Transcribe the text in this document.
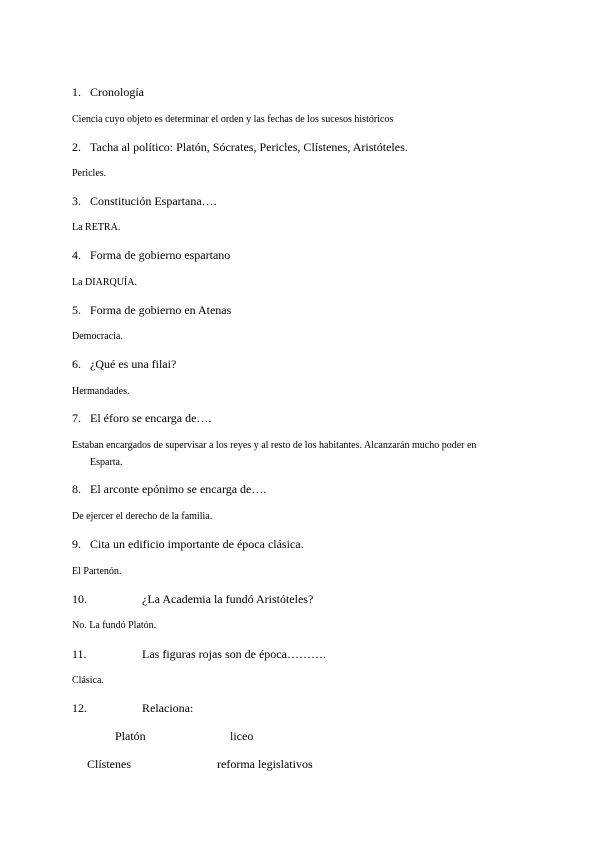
1. Cronología
Ciencia cuyo objeto es determinar el orden y las fechas de los sucesos históricos
2. Tacha al político: Platón, Sócrates, Pericles, Clístenes, Aristóteles.
Pericles.
3. Constitución Espartana….
La RETRA.
4. Forma de gobierno espartano
La DIARQUÍA.
5. Forma de gobierno en Atenas
Democracia.
6. ¿Qué es una filai?
Hermandades.
7. El éforo se encarga de….
Estaban encargados de supervisar a los reyes y al resto de los habitantes. Alcanzarán mucho poder en
Esparta.
8. El arconte epónimo se encarga de….
De ejercer el derecho de la familia.
9. Cita un edificio importante de época clásica.
El Partenón.
10.	¿La Academia la fundó Aristóteles?
No. La fundó Platón.
11.	Las figuras rojas son de época……….
Clásica.
12.	Relaciona:
Platón	liceo
Clístenes	reforma legislativos
